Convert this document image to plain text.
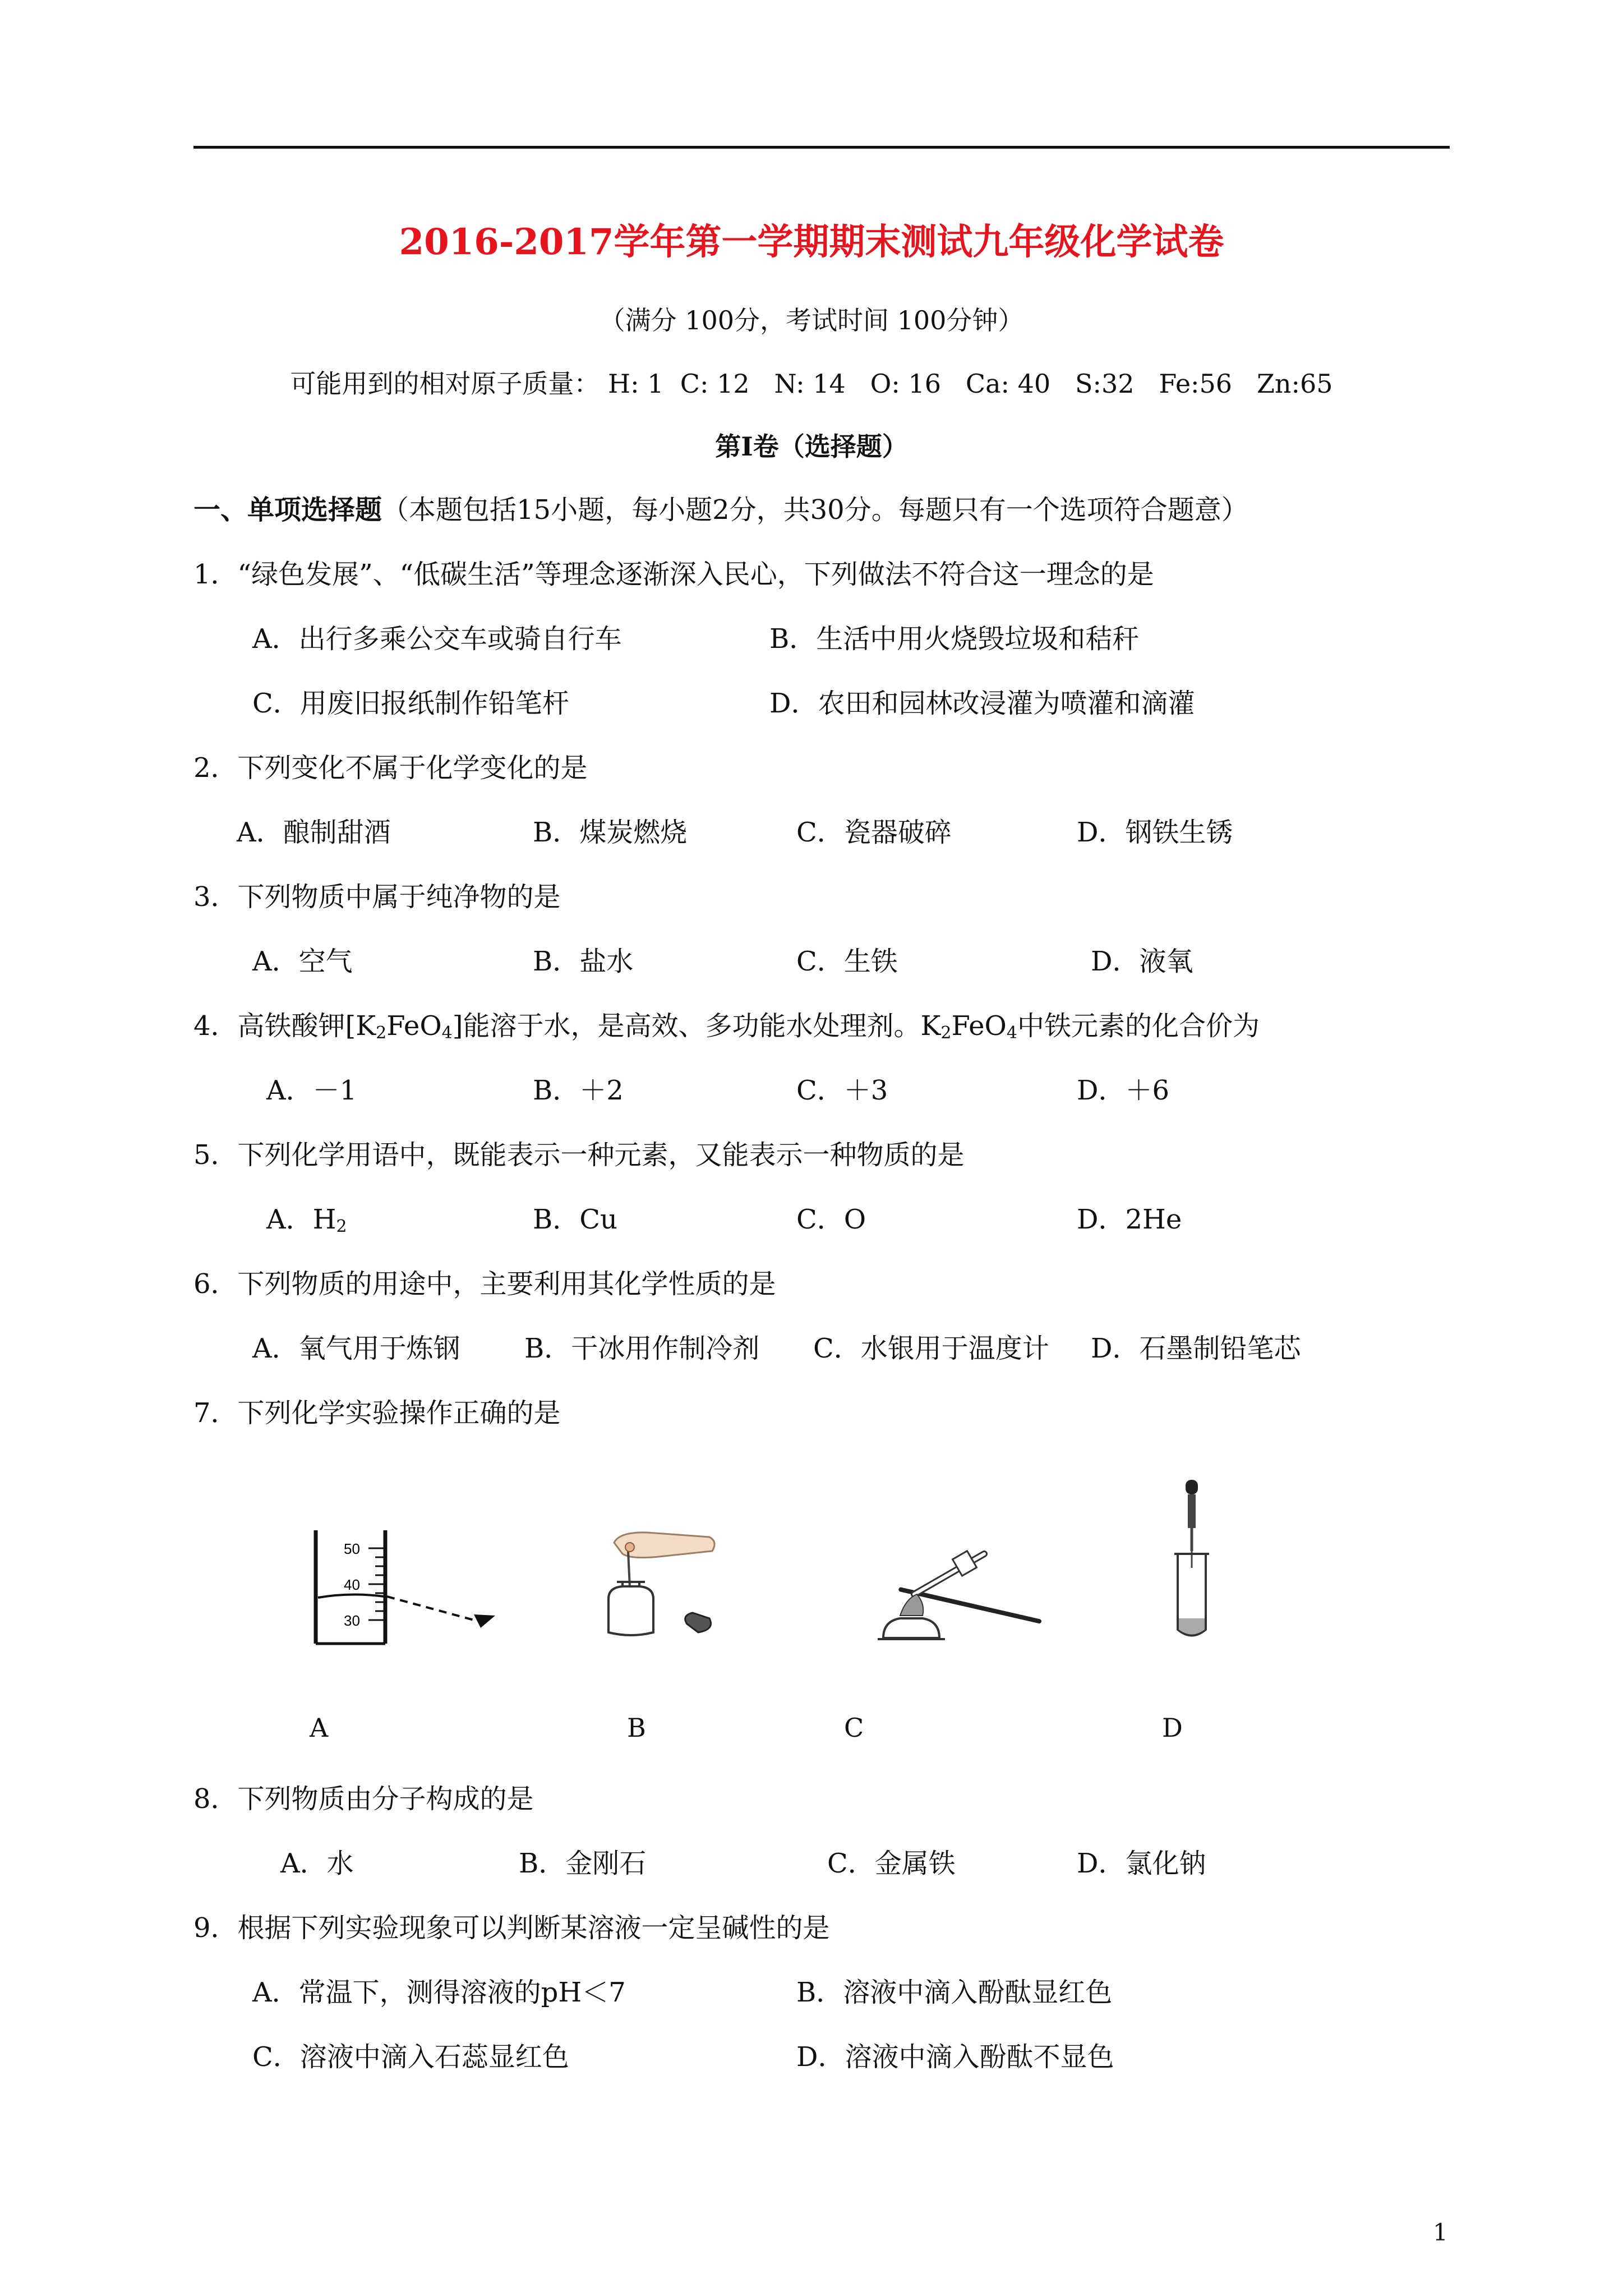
2016-2017学年第一学期期末测试九年级化学试卷
（满分 100分，考试时间 100分钟）
可能用到的相对原子质量： H: 1  C: 12   N: 14   O: 16   Ca: 40   S:32   Fe:56   Zn:65
第Ⅰ卷（选择题）
一、单项选择题（本题包括15小题，每小题2分，共30分。每题只有一个选项符合题意）
1．“绿色发展”、“低碳生活”等理念逐渐深入民心，下列做法不符合这一理念的是
A．出行多乘公交车或骑自行车	B．生活中用火烧毁垃圾和秸秆
C．用废旧报纸制作铅笔杆	D．农田和园林改浸灌为喷灌和滴灌
2．下列变化不属于化学变化的是
A．酿制甜酒	B．煤炭燃烧	C．瓷器破碎	D．钢铁生锈
3．下列物质中属于纯净物的是
A．空气	B．盐水	C．生铁	D．液氧
4．高铁酸钾$[K_2FeO_4]$能溶于水，是高效、多功能水处理剂。$K_2FeO_4$中铁元素的化合价为
A．－1	B．＋2	C．＋3	D．＋6
5．下列化学用语中，既能表示一种元素，又能表示一种物质的是
A．$H_2$	B．Cu	C．O	D．2He
6．下列物质的用途中，主要利用其化学性质的是
A．氧气用于炼钢 B．干冰用作制冷剂 C．水银用于温度计 D．石墨制铅笔芯
7．下列化学实验操作正确的是
50
40
30
A	B	C	D
8．下列物质由分子构成的是
A．水	B．金刚石	C．金属铁	D．氯化钠
9．根据下列实验现象可以判断某溶液一定呈碱性的是
A．常温下，测得溶液的pH＜7	B．溶液中滴入酚酞显红色
C．溶液中滴入石蕊显红色	D．溶液中滴入酚酞不显色
1
